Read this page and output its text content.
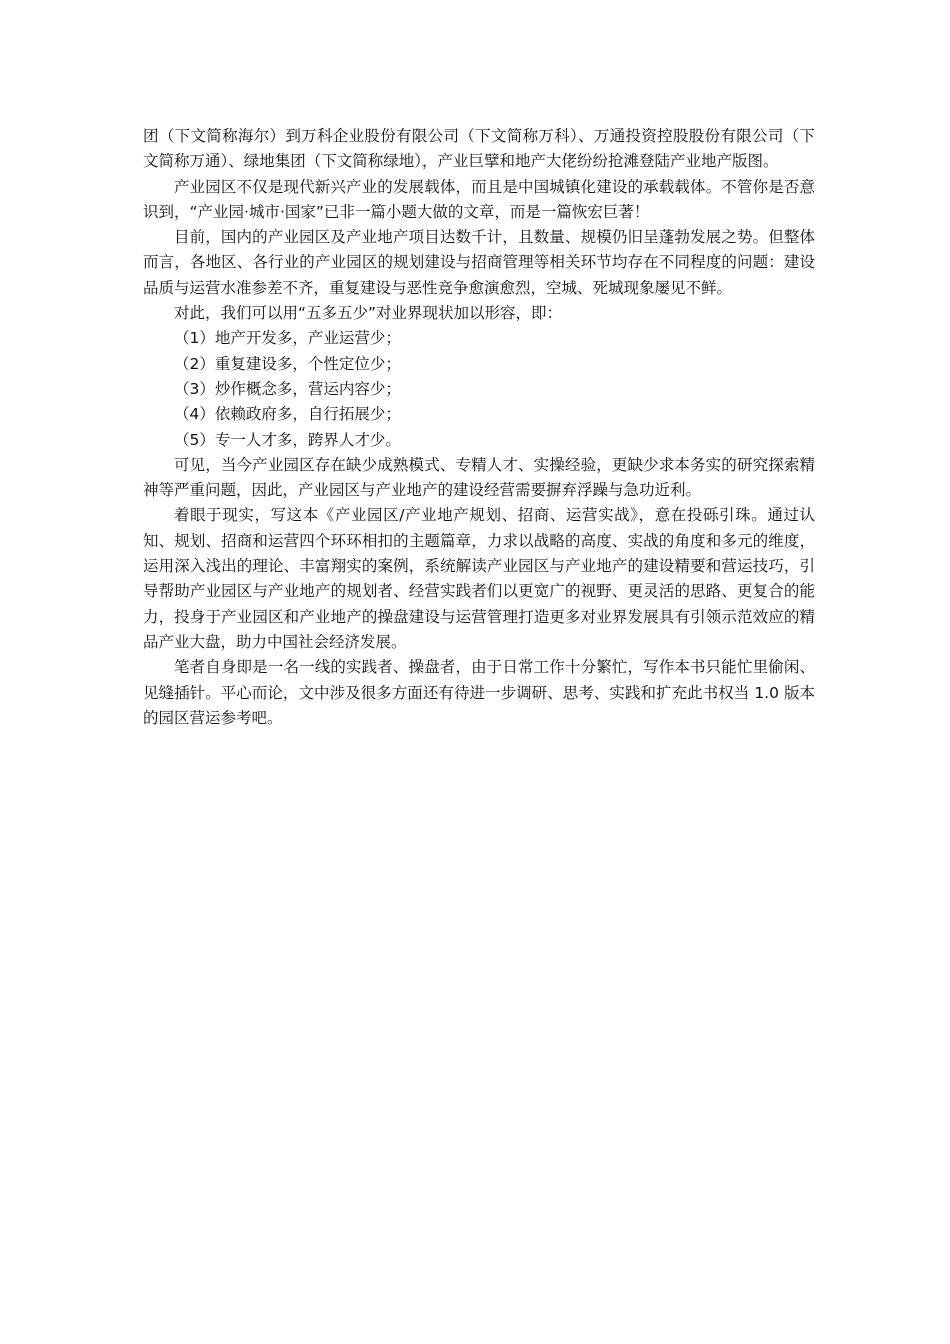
团（下文简称海尔）到万科企业股份有限公司（下文简称万科）、万通投资控股股份有限公司（下文简称万通）、绿地集团（下文简称绿地），产业巨擘和地产大佬纷纷抢滩登陆产业地产版图。

产业园区不仅是现代新兴产业的发展载体，而且是中国城镇化建设的承载载体。不管你是否意识到，“产业园·城市·国家”已非一篇小题大做的文章，而是一篇恢宏巨著！

目前，国内的产业园区及产业地产项目达数千计，且数量、规模仍旧呈蓬勃发展之势。但整体而言，各地区、各行业的产业园区的规划建设与招商管理等相关环节均存在不同程度的问题：建设品质与运营水准参差不齐，重复建设与恶性竞争愈演愈烈，空城、死城现象屡见不鲜。

对此，我们可以用“五多五少”对业界现状加以形容，即：

（1）地产开发多，产业运营少；

（2）重复建设多，个性定位少；

（3）炒作概念多，营运内容少；

（4）依赖政府多，自行拓展少；

（5）专一人才多，跨界人才少。

可见，当今产业园区存在缺少成熟模式、专精人才、实操经验，更缺少求本务实的研究探索精神等严重问题，因此，产业园区与产业地产的建设经营需要摒弃浮躁与急功近利。

着眼于现实，写这本《产业园区/产业地产规划、招商、运营实战》，意在投砾引珠。通过认知、规划、招商和运营四个环环相扣的主题篇章，力求以战略的高度、实战的角度和多元的维度，运用深入浅出的理论、丰富翔实的案例，系统解读产业园区与产业地产的建设精要和营运技巧，引导帮助产业园区与产业地产的规划者、经营实践者们以更宽广的视野、更灵活的思路、更复合的能力，投身于产业园区和产业地产的操盘建设与运营管理打造更多对业界发展具有引领示范效应的精品产业大盘，助力中国社会经济发展。

笔者自身即是一名一线的实践者、操盘者，由于日常工作十分繁忙，写作本书只能忙里偷闲、见缝插针。平心而论，文中涉及很多方面还有待进一步调研、思考、实践和扩充此书权当 1.0 版本的园区营运参考吧。
